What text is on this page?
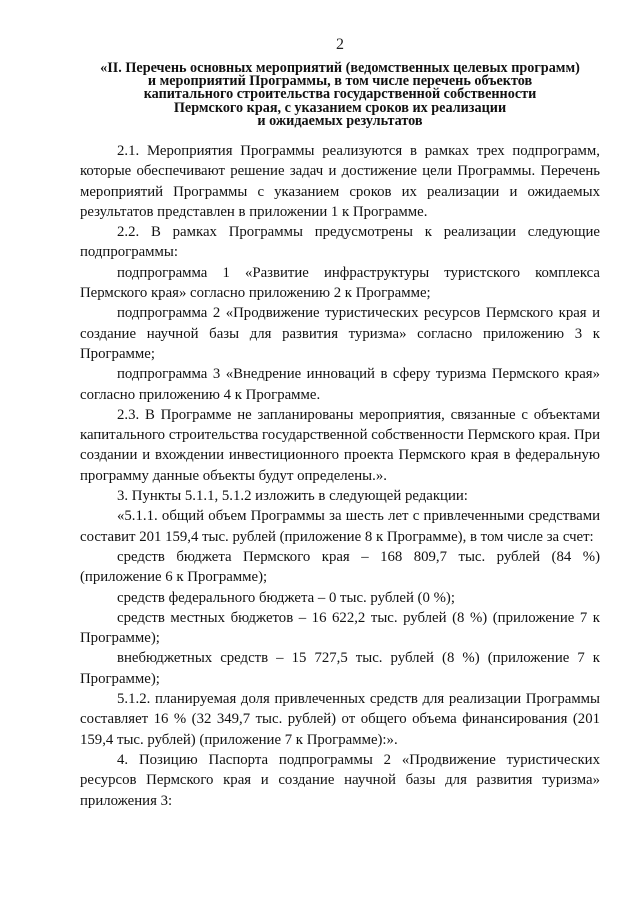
2
«II. Перечень основных мероприятий (ведомственных целевых программ)
и мероприятий Программы, в том числе перечень объектов
капитального строительства государственной собственности
Пермского края, с указанием сроков их реализации
и ожидаемых результатов

2.1. Мероприятия Программы реализуются в рамках трех подпрограмм, которые обеспечивают решение задач и достижение цели Программы. Перечень мероприятий Программы с указанием сроков их реализации и ожидаемых результатов представлен в приложении 1 к Программе.

2.2. В рамках Программы предусмотрены к реализации следующие подпрограммы:

подпрограмма 1 «Развитие инфраструктуры туристского комплекса Пермского края» согласно приложению 2 к Программе;

подпрограмма 2 «Продвижение туристических ресурсов Пермского края и создание научной базы для развития туризма» согласно приложению 3 к Программе;

подпрограмма 3 «Внедрение инноваций в сферу туризма Пермского края» согласно приложению 4 к Программе.

2.3. В Программе не запланированы мероприятия, связанные с объектами капитального строительства государственной собственности Пермского края. При создании и вхождении инвестиционного проекта Пермского края в федеральную программу данные объекты будут определены.».

3. Пункты 5.1.1, 5.1.2 изложить в следующей редакции:

«5.1.1. общий объем Программы за шесть лет с привлеченными средствами составит 201 159,4 тыс. рублей (приложение 8 к Программе), в том числе за счет:

средств бюджета Пермского края – 168 809,7 тыс. рублей (84 %) (приложение 6 к Программе);

средств федерального бюджета – 0 тыс. рублей (0 %);

средств местных бюджетов – 16 622,2 тыс. рублей (8 %) (приложение 7 к Программе);

внебюджетных средств – 15 727,5 тыс. рублей (8 %) (приложение 7 к Программе);

5.1.2. планируемая доля привлеченных средств для реализации Программы составляет 16 % (32 349,7 тыс. рублей) от общего объема финансирования (201 159,4 тыс. рублей) (приложение 7 к Программе):».

4. Позицию Паспорта подпрограммы 2 «Продвижение туристических ресурсов Пермского края и создание научной базы для развития туризма» приложения 3:
